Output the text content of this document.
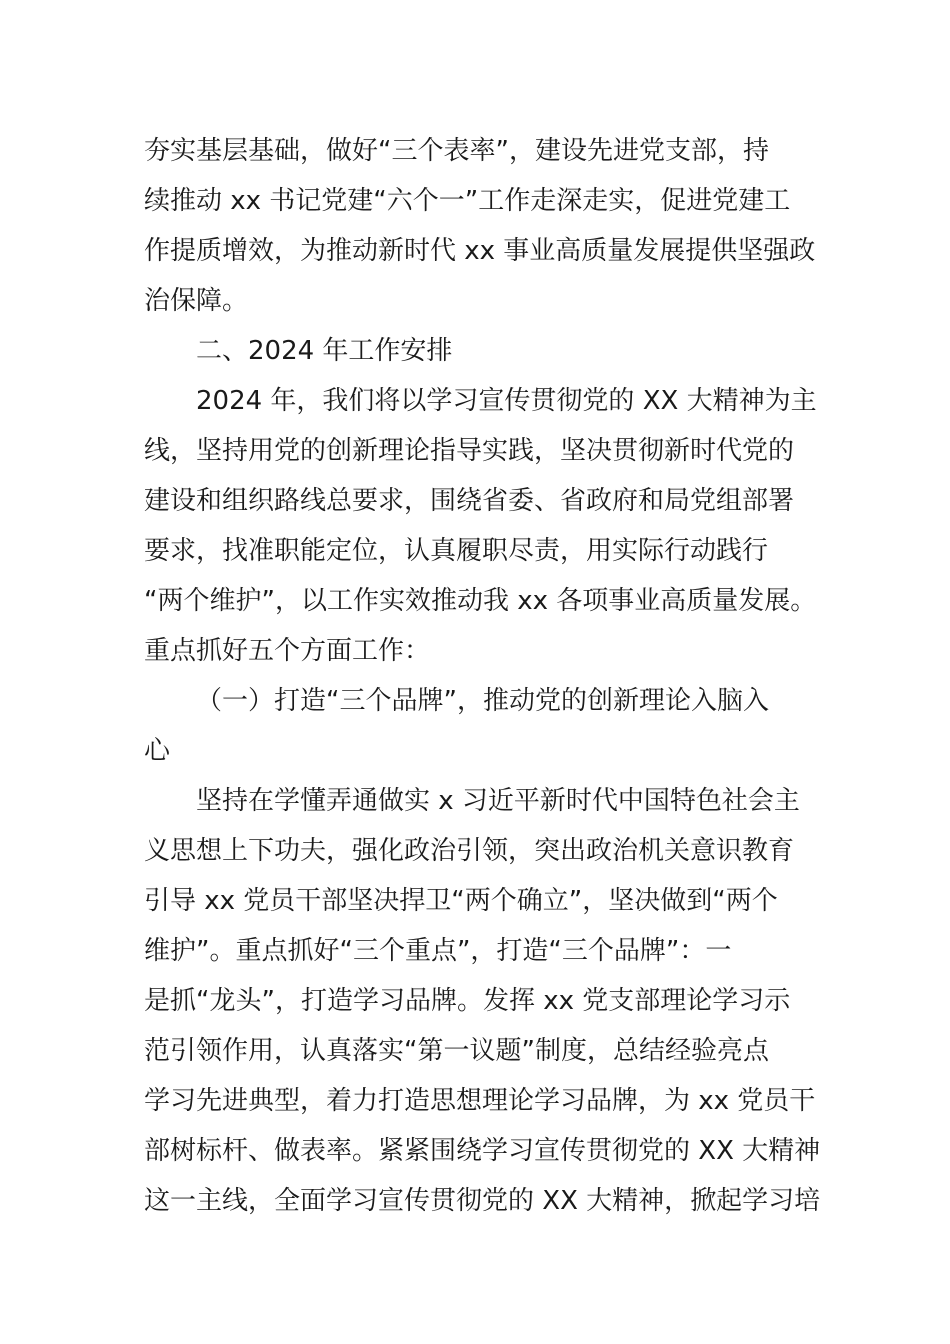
夯实基层基础，做好“三个表率”，建设先进党支部，持

续推动 xx 书记党建“六个一”工作走深走实，促进党建工

作提质增效，为推动新时代 xx 事业高质量发展提供坚强政

治保障。

二、2024 年工作安排

2024 年，我们将以学习宣传贯彻党的 XX 大精神为主

线，坚持用党的创新理论指导实践，坚决贯彻新时代党的

建设和组织路线总要求，围绕省委、省政府和局党组部署

要求，找准职能定位，认真履职尽责，用实际行动践行

“两个维护”，以工作实效推动我 xx 各项事业高质量发展。

重点抓好五个方面工作：

（一）打造“三个品牌”，推动党的创新理论入脑入

心

坚持在学懂弄通做实 x 习近平新时代中国特色社会主

义思想上下功夫，强化政治引领，突出政治机关意识教育

引导 xx 党员干部坚决捍卫“两个确立”，坚决做到“两个

维护”。重点抓好“三个重点”，打造“三个品牌”：一

是抓“龙头”，打造学习品牌。发挥 xx 党支部理论学习示

范引领作用，认真落实“第一议题”制度，总结经验亮点

学习先进典型，着力打造思想理论学习品牌，为 xx 党员干

部树标杆、做表率。紧紧围绕学习宣传贯彻党的 XX 大精神

这一主线，全面学习宣传贯彻党的 XX 大精神，掀起学习培
